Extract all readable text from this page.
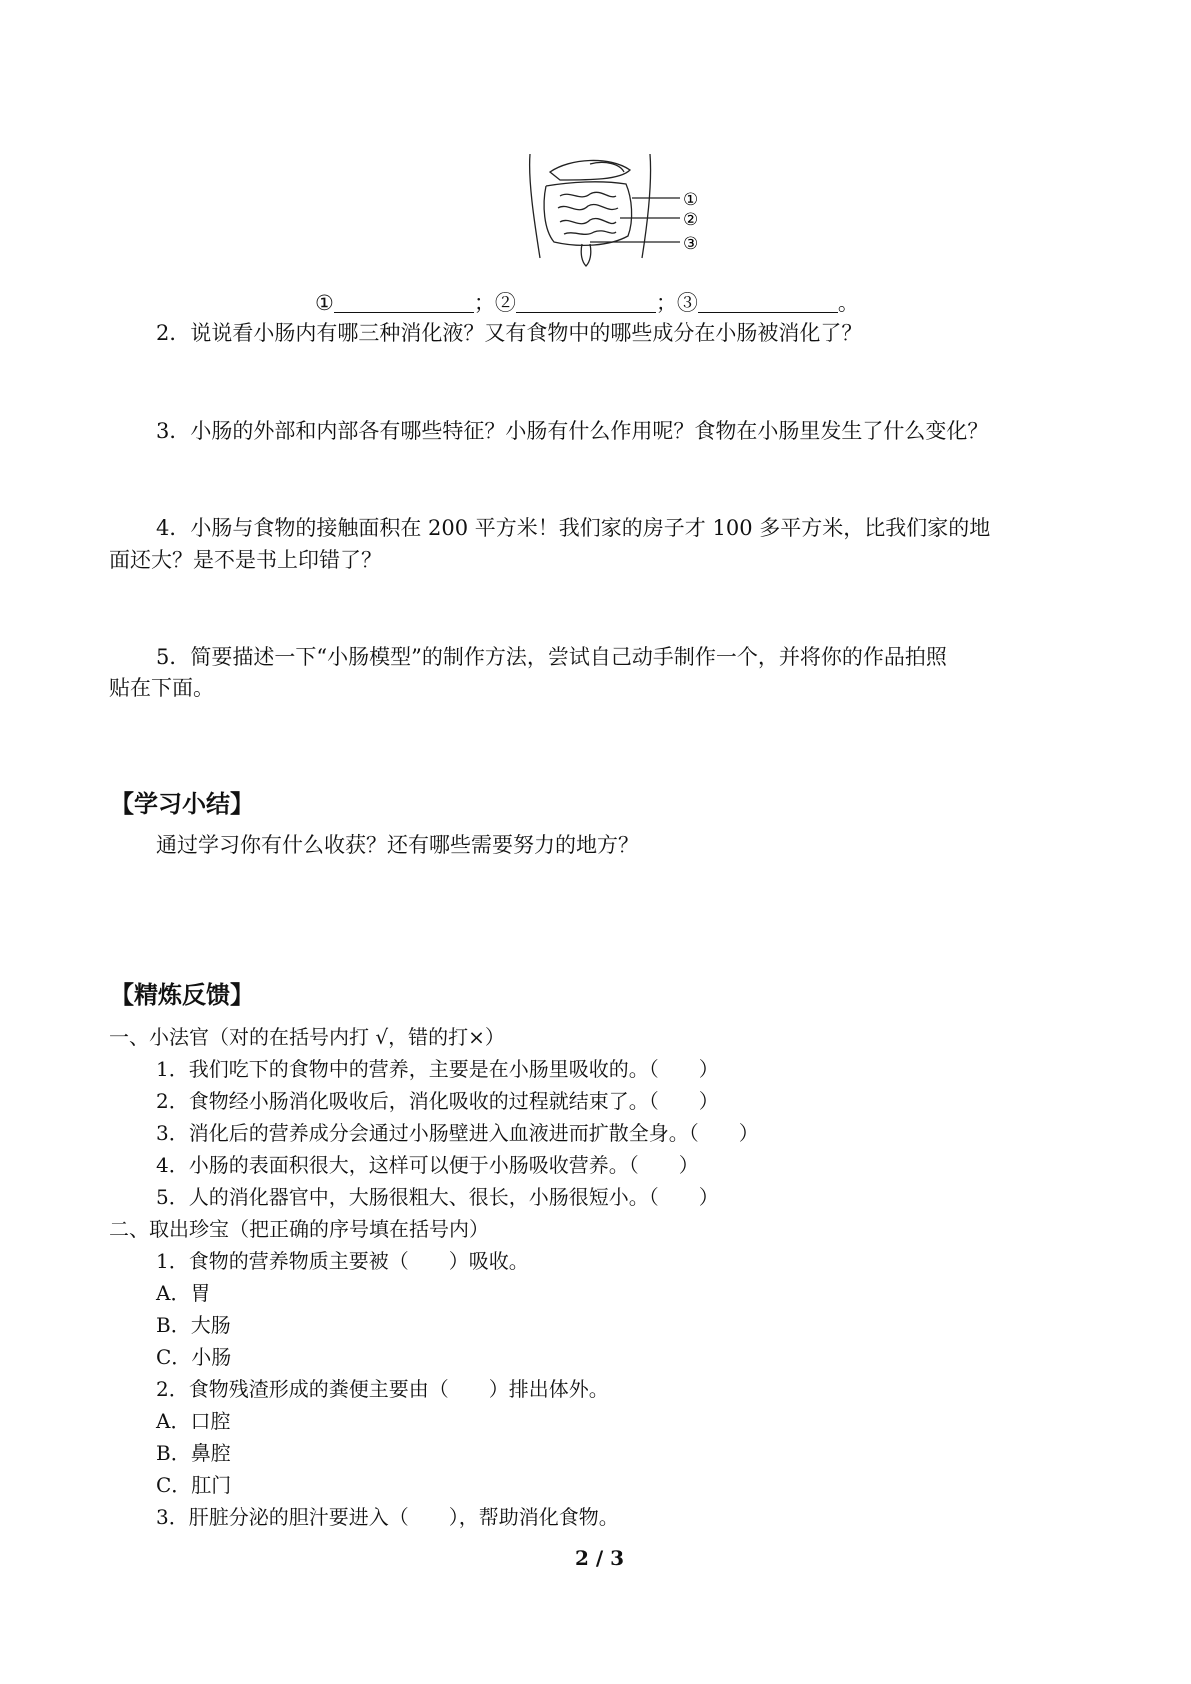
①
②
③
①	；②	；③	。
2．说说看小肠内有哪三种消化液？又有食物中的哪些成分在小肠被消化了？
3．小肠的外部和内部各有哪些特征？小肠有什么作用呢？食物在小肠里发生了什么变化？
4．小肠与食物的接触面积在 200 平方米！我们家的房子才 100 多平方米，比我们家的地
面还大？是不是书上印错了？
5．简要描述一下“小肠模型”的制作方法，尝试自己动手制作一个，并将你的作品拍照
贴在下面。
【学习小结】
通过学习你有什么收获？还有哪些需要努力的地方？
【精炼反馈】
一、小法官（对的在括号内打 √，错的打×）
1．我们吃下的食物中的营养，主要是在小肠里吸收的。（　　）
2．食物经小肠消化吸收后，消化吸收的过程就结束了。（　　）
3．消化后的营养成分会通过小肠壁进入血液进而扩散全身。（　　）
4．小肠的表面积很大，这样可以便于小肠吸收营养。（　　）
5．人的消化器官中，大肠很粗大、很长，小肠很短小。（　　）
二、取出珍宝（把正确的序号填在括号内）
1．食物的营养物质主要被（　　）吸收。
A．胃
B．大肠
C．小肠
2．食物残渣形成的粪便主要由（　　）排出体外。
A．口腔
B．鼻腔
C．肛门
3．肝脏分泌的胆汁要进入（　　），帮助消化食物。
2 / 3
